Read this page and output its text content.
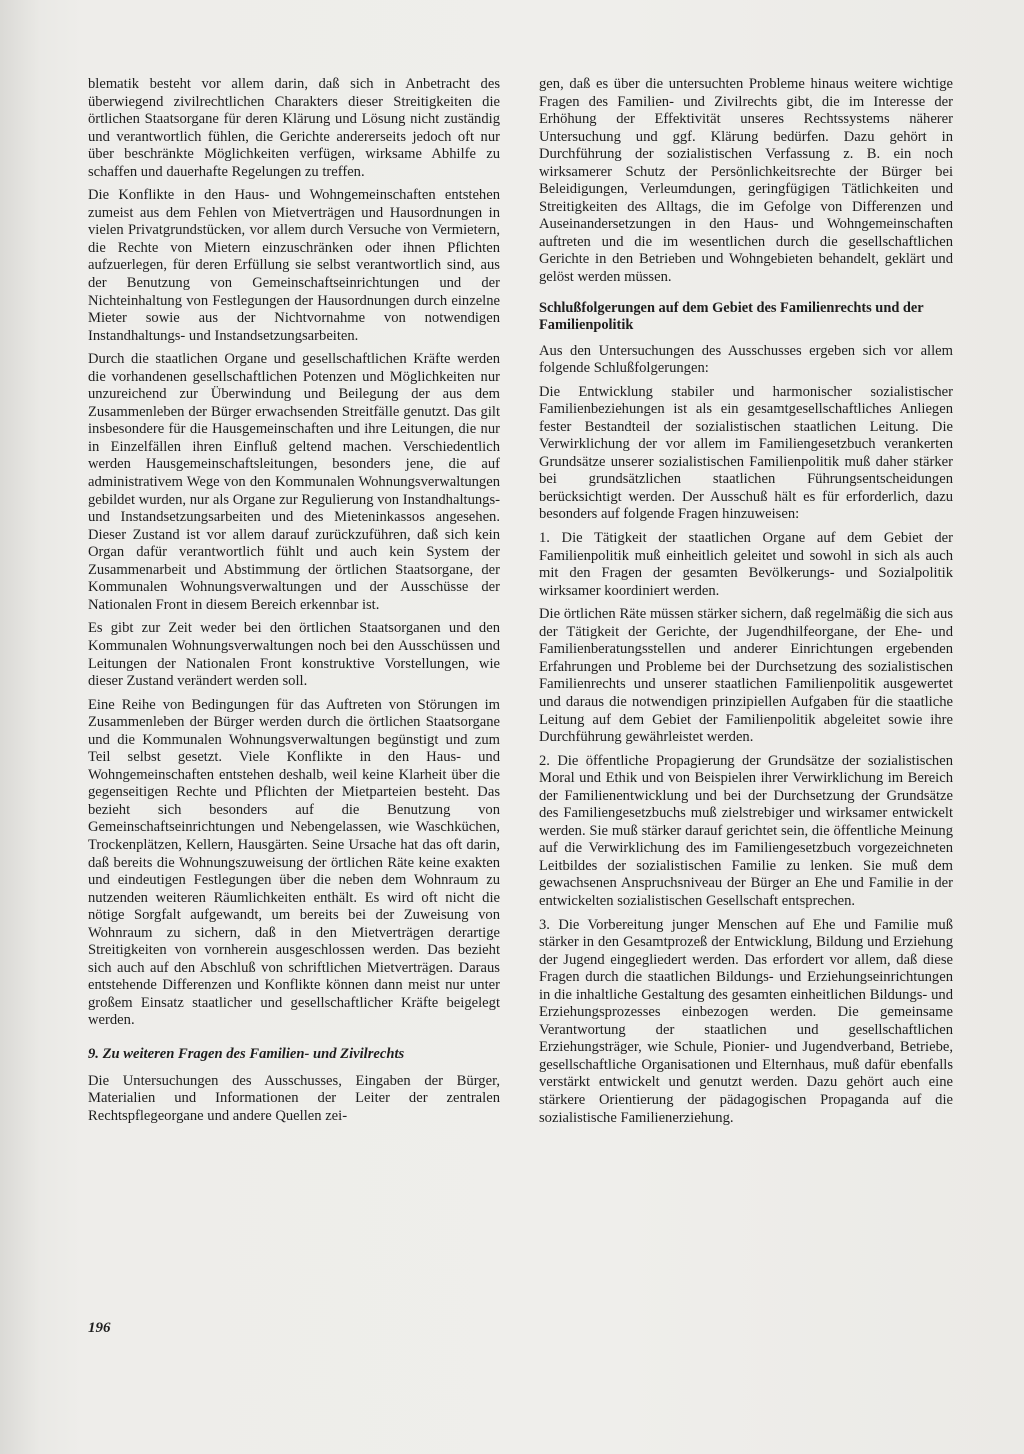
blematik besteht vor allem darin, daß sich in Anbetracht des überwiegend zivilrechtlichen Charakters dieser Streitigkeiten die örtlichen Staatsorgane für deren Klärung und Lösung nicht zuständig und verantwortlich fühlen, die Gerichte andererseits jedoch oft nur über beschränkte Möglichkeiten verfügen, wirksame Abhilfe zu schaffen und dauerhafte Regelungen zu treffen.

Die Konflikte in den Haus- und Wohngemeinschaften entstehen zumeist aus dem Fehlen von Mietverträgen und Hausordnungen in vielen Privatgrundstücken, vor allem durch Versuche von Vermietern, die Rechte von Mietern einzuschränken oder ihnen Pflichten aufzuerlegen, für deren Erfüllung sie selbst verantwortlich sind, aus der Benutzung von Gemeinschaftseinrichtungen und der Nichteinhaltung von Festlegungen der Hausordnungen durch einzelne Mieter sowie aus der Nichtvornahme von notwendigen Instandhaltungs- und Instandsetzungsarbeiten.

Durch die staatlichen Organe und gesellschaftlichen Kräfte werden die vorhandenen gesellschaftlichen Potenzen und Möglichkeiten nur unzureichend zur Überwindung und Beilegung der aus dem Zusammenleben der Bürger erwachsenden Streitfälle genutzt. Das gilt insbesondere für die Hausgemeinschaften und ihre Leitungen, die nur in Einzelfällen ihren Einfluß geltend machen. Verschiedentlich werden Hausgemeinschaftsleitungen, besonders jene, die auf administrativem Wege von den Kommunalen Wohnungsverwaltungen gebildet wurden, nur als Organe zur Regulierung von Instandhaltungs- und Instandsetzungsarbeiten und des Mieteninkassos angesehen. Dieser Zustand ist vor allem darauf zurückzuführen, daß sich kein Organ dafür verantwortlich fühlt und auch kein System der Zusammenarbeit und Abstimmung der örtlichen Staatsorgane, der Kommunalen Wohnungsverwaltungen und der Ausschüsse der Nationalen Front in diesem Bereich erkennbar ist.

Es gibt zur Zeit weder bei den örtlichen Staatsorganen und den Kommunalen Wohnungsverwaltungen noch bei den Ausschüssen und Leitungen der Nationalen Front konstruktive Vorstellungen, wie dieser Zustand verändert werden soll.

Eine Reihe von Bedingungen für das Auftreten von Störungen im Zusammenleben der Bürger werden durch die örtlichen Staatsorgane und die Kommunalen Wohnungsverwaltungen begünstigt und zum Teil selbst gesetzt. Viele Konflikte in den Haus- und Wohngemeinschaften entstehen deshalb, weil keine Klarheit über die gegenseitigen Rechte und Pflichten der Mietparteien besteht. Das bezieht sich besonders auf die Benutzung von Gemeinschaftseinrichtungen und Nebengelassen, wie Waschküchen, Trockenplätzen, Kellern, Hausgärten. Seine Ursache hat das oft darin, daß bereits die Wohnungszuweisung der örtlichen Räte keine exakten und eindeutigen Festlegungen über die neben dem Wohnraum zu nutzenden weiteren Räumlichkeiten enthält. Es wird oft nicht die nötige Sorgfalt aufgewandt, um bereits bei der Zuweisung von Wohnraum zu sichern, daß in den Mietverträgen derartige Streitigkeiten von vornherein ausgeschlossen werden. Das bezieht sich auch auf den Abschluß von schriftlichen Mietverträgen. Daraus entstehende Differenzen und Konflikte können dann meist nur unter großem Einsatz staatlicher und gesellschaftlicher Kräfte beigelegt werden.

9. Zu weiteren Fragen des Familien- und Zivilrechts

Die Untersuchungen des Ausschusses, Eingaben der Bürger, Materialien und Informationen der Leiter der zentralen Rechtspflegeorgane und andere Quellen zei-

gen, daß es über die untersuchten Probleme hinaus weitere wichtige Fragen des Familien- und Zivilrechts gibt, die im Interesse der Erhöhung der Effektivität unseres Rechtssystems näherer Untersuchung und ggf. Klärung bedürfen. Dazu gehört in Durchführung der sozialistischen Verfassung z. B. ein noch wirksamerer Schutz der Persönlichkeitsrechte der Bürger bei Beleidigungen, Verleumdungen, geringfügigen Tätlichkeiten und Streitigkeiten des Alltags, die im Gefolge von Differenzen und Auseinandersetzungen in den Haus- und Wohngemeinschaften auftreten und die im wesentlichen durch die gesellschaftlichen Gerichte in den Betrieben und Wohngebieten behandelt, geklärt und gelöst werden müssen.

Schlußfolgerungen auf dem Gebiet des Familienrechts und der Familienpolitik

Aus den Untersuchungen des Ausschusses ergeben sich vor allem folgende Schlußfolgerungen:

Die Entwicklung stabiler und harmonischer sozialistischer Familienbeziehungen ist als ein gesamtgesellschaftliches Anliegen fester Bestandteil der sozialistischen staatlichen Leitung. Die Verwirklichung der vor allem im Familiengesetzbuch verankerten Grundsätze unserer sozialistischen Familienpolitik muß daher stärker bei grundsätzlichen staatlichen Führungsentscheidungen berücksichtigt werden. Der Ausschuß hält es für erforderlich, dazu besonders auf folgende Fragen hinzuweisen:

1. Die Tätigkeit der staatlichen Organe auf dem Gebiet der Familienpolitik muß einheitlich geleitet und sowohl in sich als auch mit den Fragen der gesamten Bevölkerungs- und Sozialpolitik wirksamer koordiniert werden.

Die örtlichen Räte müssen stärker sichern, daß regelmäßig die sich aus der Tätigkeit der Gerichte, der Jugendhilfeorgane, der Ehe- und Familienberatungsstellen und anderer Einrichtungen ergebenden Erfahrungen und Probleme bei der Durchsetzung des sozialistischen Familienrechts und unserer staatlichen Familienpolitik ausgewertet und daraus die notwendigen prinzipiellen Aufgaben für die staatliche Leitung auf dem Gebiet der Familienpolitik abgeleitet sowie ihre Durchführung gewährleistet werden.

2. Die öffentliche Propagierung der Grundsätze der sozialistischen Moral und Ethik und von Beispielen ihrer Verwirklichung im Bereich der Familienentwicklung und bei der Durchsetzung der Grundsätze des Familiengesetzbuchs muß zielstrebiger und wirksamer entwickelt werden. Sie muß stärker darauf gerichtet sein, die öffentliche Meinung auf die Verwirklichung des im Familiengesetzbuch vorgezeichneten Leitbildes der sozialistischen Familie zu lenken. Sie muß dem gewachsenen Anspruchsniveau der Bürger an Ehe und Familie in der entwickelten sozialistischen Gesellschaft entsprechen.

3. Die Vorbereitung junger Menschen auf Ehe und Familie muß stärker in den Gesamtprozeß der Entwicklung, Bildung und Erziehung der Jugend eingegliedert werden. Das erfordert vor allem, daß diese Fragen durch die staatlichen Bildungs- und Erziehungseinrichtungen in die inhaltliche Gestaltung des gesamten einheitlichen Bildungs- und Erziehungsprozesses einbezogen werden. Die gemeinsame Verantwortung der staatlichen und gesellschaftlichen Erziehungsträger, wie Schule, Pionier- und Jugendverband, Betriebe, gesellschaftliche Organisationen und Elternhaus, muß dafür ebenfalls verstärkt entwickelt und genutzt werden. Dazu gehört auch eine stärkere Orientierung der pädagogischen Propaganda auf die sozialistische Familienerziehung.

196
